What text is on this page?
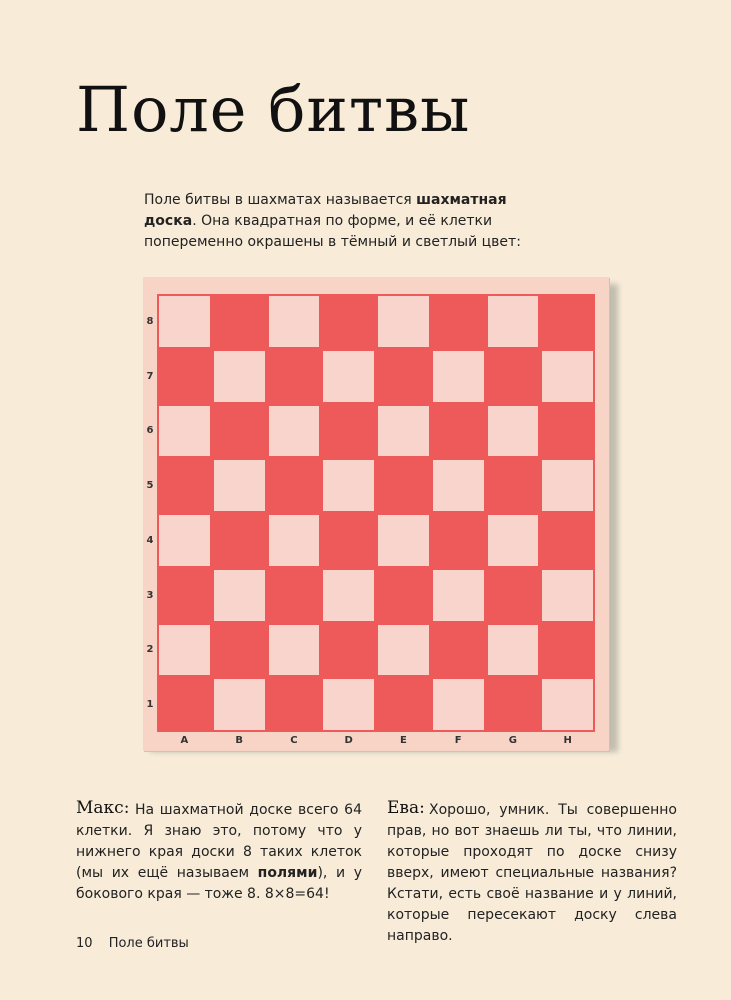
Поле битвы
Поле битвы в шахматах называется шахматная доска. Она квадратная по форме, и её клетки попеременно окрашены в тёмный и светлый цвет:
8
7
6
5
4
3
2
1
A	B	C	D	E	F	G	H
Макс: На шахматной доске всего 64 клетки. Я знаю это, потому что у нижнего края доски 8 таких клеток (мы их ещё называем полями), и у бокового края — тоже 8. 8×8=64!
Ева: Хорошо, умник. Ты совершенно прав, но вот знаешь ли ты, что линии, которые проходят по доске снизу вверх, имеют специальные названия? Кстати, есть своё название и у линий, которые пересекают доску слева направо.
10 Поле битвы
